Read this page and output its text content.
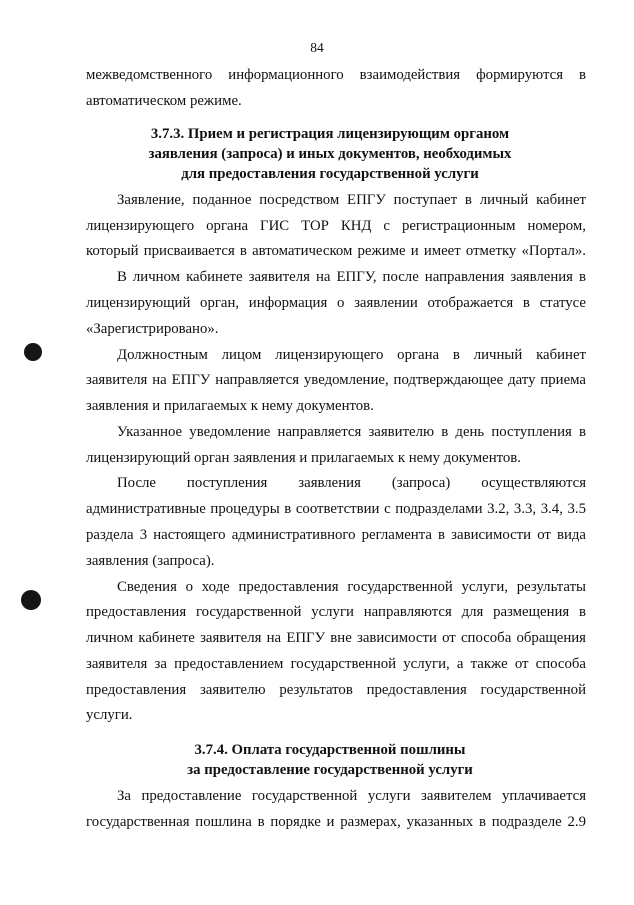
84
межведомственного информационного взаимодействия формируются в
автоматическом режиме.
3.7.3. Прием и регистрация лицензирующим органом
заявления (запроса) и иных документов, необходимых
для предоставления государственной услуги
Заявление, поданное посредством ЕПГУ поступает в личный кабинет
лицензирующего органа ГИС ТОР КНД с регистрационным номером,
который присваивается в автоматическом режиме и имеет отметку «Портал».
В личном кабинете заявителя на ЕПГУ, после направления заявления в
лицензирующий орган, информация о заявлении отображается в статусе
«Зарегистрировано».
Должностным лицом лицензирующего органа в личный кабинет
заявителя на ЕПГУ направляется уведомление, подтверждающее дату приема
заявления и прилагаемых к нему документов.
Указанное уведомление направляется заявителю в день поступления в
лицензирующий орган заявления и прилагаемых к нему документов.
После поступления заявления (запроса) осуществляются
административные процедуры в соответствии с подразделами 3.2, 3.3, 3.4, 3.5
раздела 3 настоящего административного регламента в зависимости от вида
заявления (запроса).
Сведения о ходе предоставления государственной услуги, результаты
предоставления государственной услуги направляются для размещения в
личном кабинете заявителя на ЕПГУ вне зависимости от способа обращения
заявителя за предоставлением государственной услуги, а также от способа
предоставления заявителю результатов предоставления государственной
услуги.
3.7.4. Оплата государственной пошлины
за предоставление государственной услуги
За предоставление государственной услуги заявителем уплачивается
государственная пошлина в порядке и размерах, указанных в подразделе 2.9
